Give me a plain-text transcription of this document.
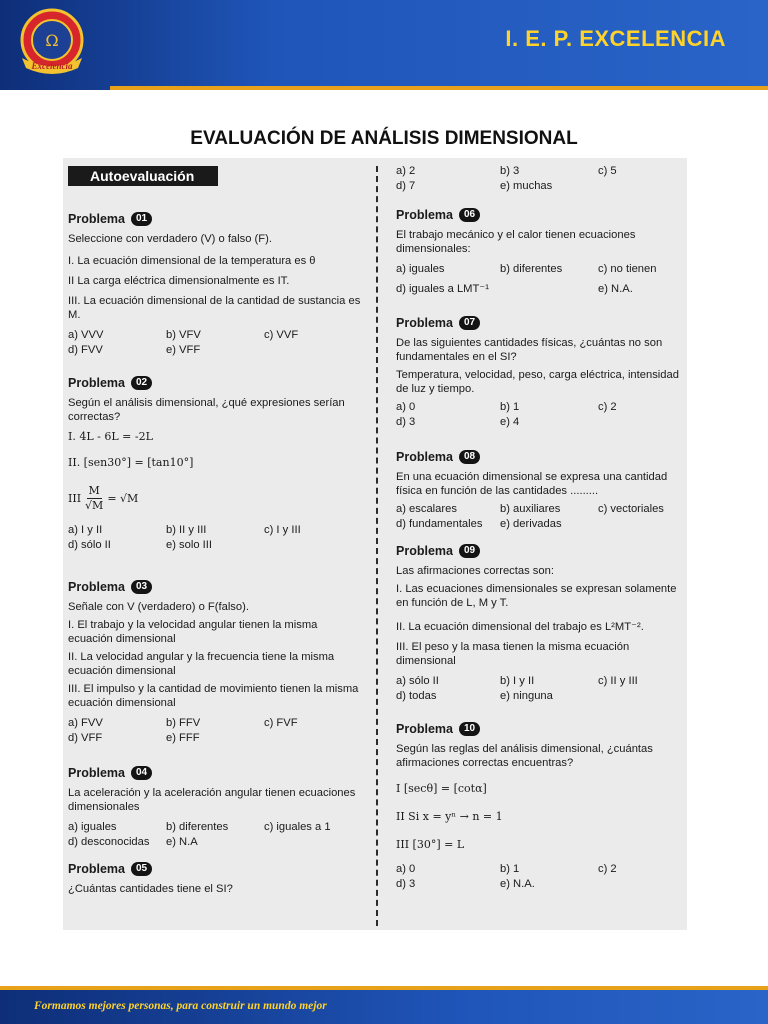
Ω
Excelencia
I. E. P. EXCELENCIA
EVALUACIÓN DE ANÁLISIS DIMENSIONAL
Autoevaluación
Problema	01

Seleccione con verdadero (V) o falso (F).

I. La ecuación dimensional de la temperatura es θ

II La carga eléctrica dimensionalmente es IT.

III. La ecuación dimensional de la cantidad de sustancia es M.

a) VVV	b) VFV	c) VVF
d) FVV	e) VFF
Problema	02

Según el análisis dimensional, ¿qué expresiones serían correctas?

I. 4L - 6L = -2L

II. [sen30°] = [tan10°]

III $\frac{M}{√M} = √M$
a) I y II	b) II y III	c) I y III
d) sólo II	e) solo III
Problema	03

Señale con V (verdadero) o F(falso).

I. El trabajo y la velocidad angular tienen la misma ecuación dimensional

II. La velocidad angular y la frecuencia tiene la misma ecuación dimensional

III. El impulso y la cantidad de movimiento tienen la misma ecuación dimensional

a) FVV	b) FFV	c) FVF
d) VFF	e) FFF
Problema	04

La aceleración y la aceleración angular tienen ecuaciones dimensionales

a) iguales	b) diferentes	c) iguales a 1
d) desconocidas	e) N.A
Problema	05

¿Cuántas cantidades tiene el SI?

a) 2	b) 3	c) 5
d) 7	e) muchas
Problema	06

El trabajo mecánico y el calor tienen ecuaciones dimensionales:

a) iguales	b) diferentes	c) no tienen
d) iguales a LMT⁻¹	e) N.A.
Problema	07

De las siguientes cantidades físicas, ¿cuántas no son fundamentales en el SI?

Temperatura, velocidad, peso, carga eléctrica, intensidad de luz y tiempo.

a) 0	b) 1	c) 2
d) 3	e) 4
Problema	08

En una ecuación dimensional se expresa una cantidad física en función de las cantidades .........

a) escalares	b) auxiliares	c) vectoriales
d) fundamentales	e) derivadas
Problema	09

Las afirmaciones correctas son:

I. Las ecuaciones dimensionales se expresan solamente en función de L, M y T.

II. La ecuación dimensional del trabajo es L²MT⁻².

III. El peso y la masa tienen la misma ecuación dimensional

a) sólo II	b) I y II	c) II y III
d) todas	e) ninguna
Problema	10

Según las reglas del análisis dimensional, ¿cuántas afirmaciones correctas encuentras?

I [secθ] = [cotα]

II Si x = yⁿ → n = 1

III [30°] = L

a) 0	b) 1	c) 2
d) 3	e) N.A.
Formamos mejores personas, para construir un mundo mejor
